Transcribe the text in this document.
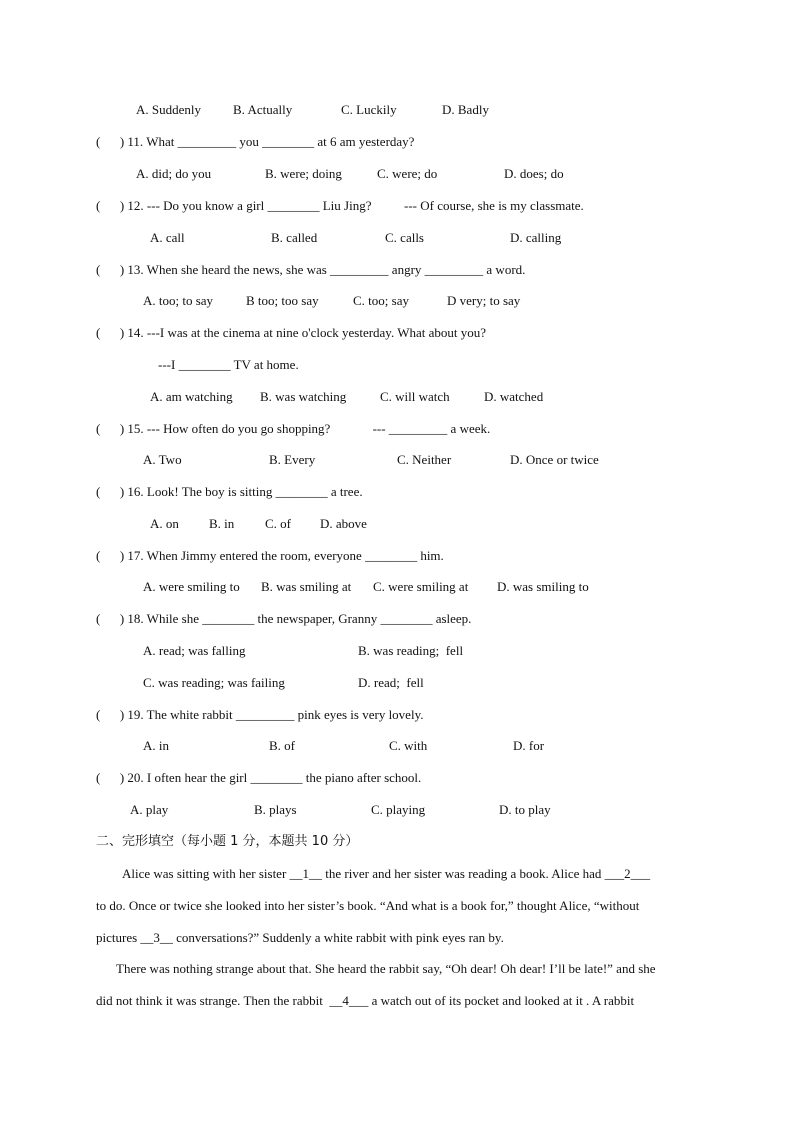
A. Suddenly B. Actually	C. Luckily	D. Badly
(      ) 11. What _________ you ________ at 6 am yesterday?
A. did; do you	B. were; doing	C. were; do	D. does; do
(      ) 12. --- Do you know a girl ________ Liu Jing?          --- Of course, she is my classmate.
A. call	B. called	C. calls	D. calling
(      ) 13. When she heard the news, she was _________ angry _________ a word.
A. too; to say	B too; too say	C. too; say	D very; to say
(      ) 14. ---I was at the cinema at nine o'clock yesterday. What about you?
---I ________ TV at home.
A. am watching B. was watching	C. will watch	D. watched
(      ) 15. --- How often do you go shopping?             --- _________ a week.
A. Two	B. Every	C. Neither	D. Once or twice
(      ) 16. Look! The boy is sitting ________ a tree.
A. on B. in C. of D. above
(      ) 17. When Jimmy entered the room, everyone ________ him.
A. were smiling to B. was smiling at C. were smiling at D. was smiling to
(      ) 18. While she ________ the newspaper, Granny ________ asleep.
A. read; was falling	B. was reading;  fell
C. was reading; was failing	D. read;  fell
(      ) 19. The white rabbit _________ pink eyes is very lovely.
A. in	B. of	C. with	D. for
(      ) 20. I often hear the girl ________ the piano after school.
A. play	B. plays	C. playing	D. to play
二、完形填空（每小题 1 分，本题共 10 分）
Alice was sitting with her sister __1__ the river and her sister was reading a book. Alice had ___2___
to do. Once or twice she looked into her sister’s book. “And what is a book for,” thought Alice, “without
pictures __3__ conversations?” Suddenly a white rabbit with pink eyes ran by.
There was nothing strange about that. She heard the rabbit say, “Oh dear! Oh dear! I’ll be late!” and she
did not think it was strange. Then the rabbit  __4___ a watch out of its pocket and looked at it . A rabbit
